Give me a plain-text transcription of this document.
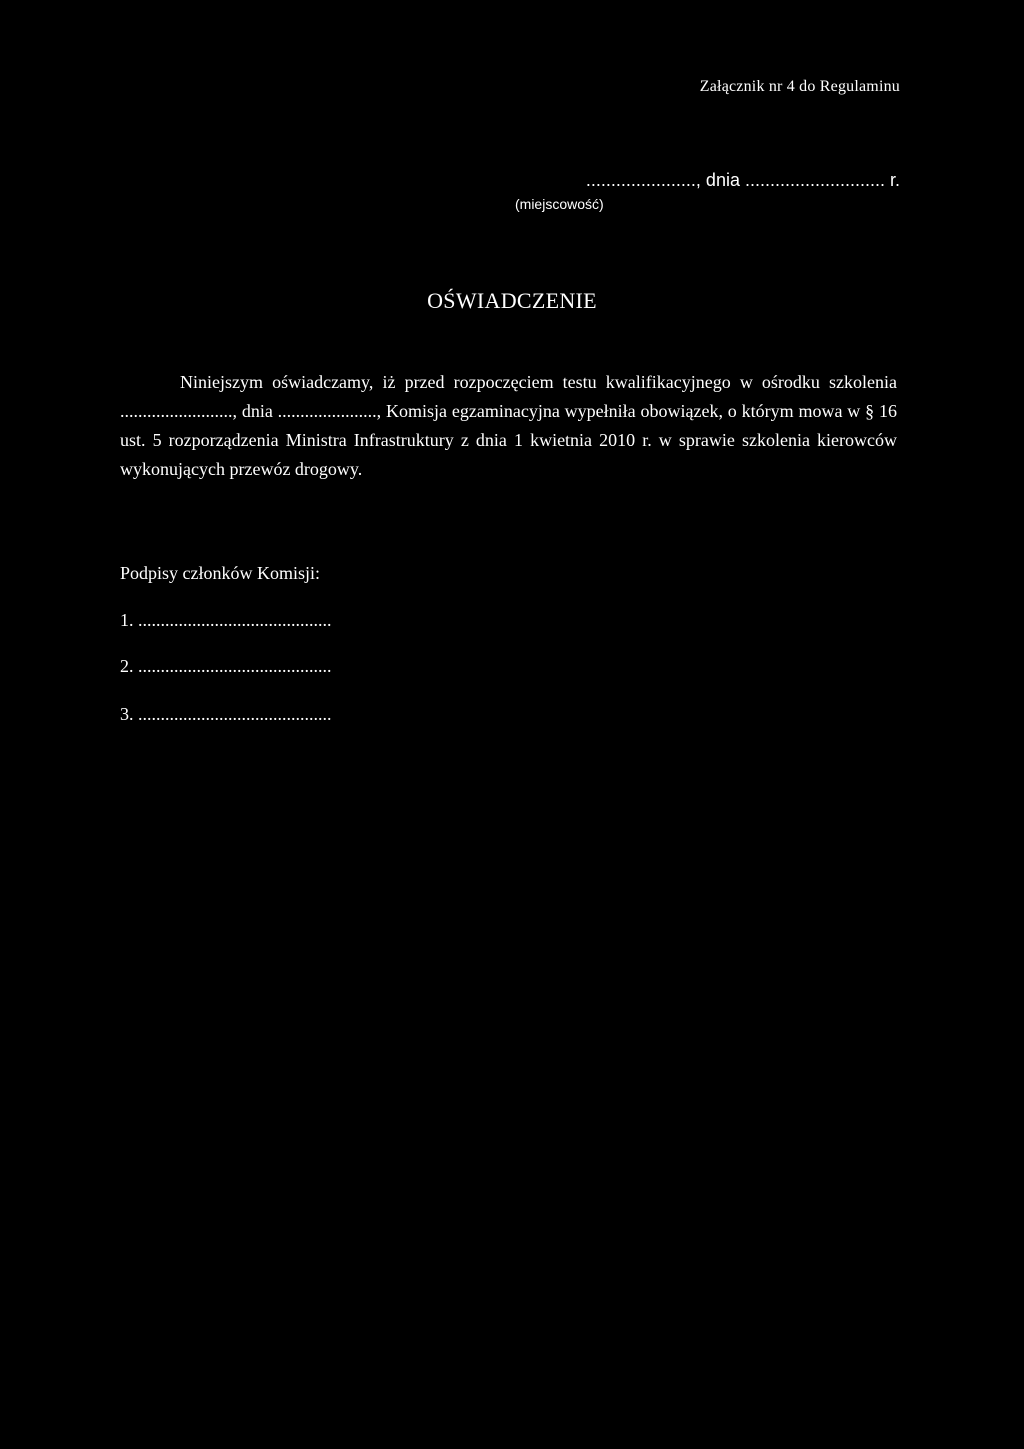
Załącznik nr 4 do Regulaminu
......................, dnia ............................ r.
(miejscowość)
OŚWIADCZENIE

Niniejszym oświadczamy, iż przed rozpoczęciem testu kwalifikacyjnego w ośrodku szkolenia ........................., dnia ......................, Komisja egzaminacyjna wypełniła obowiązek, o którym mowa w § 16 ust. 5 rozporządzenia Ministra Infrastruktury z dnia 1 kwietnia 2010 r. w sprawie szkolenia kierowców wykonujących przewóz drogowy.

Podpisy członków Komisji:
1. ...........................................
2. ...........................................
3. ...........................................
